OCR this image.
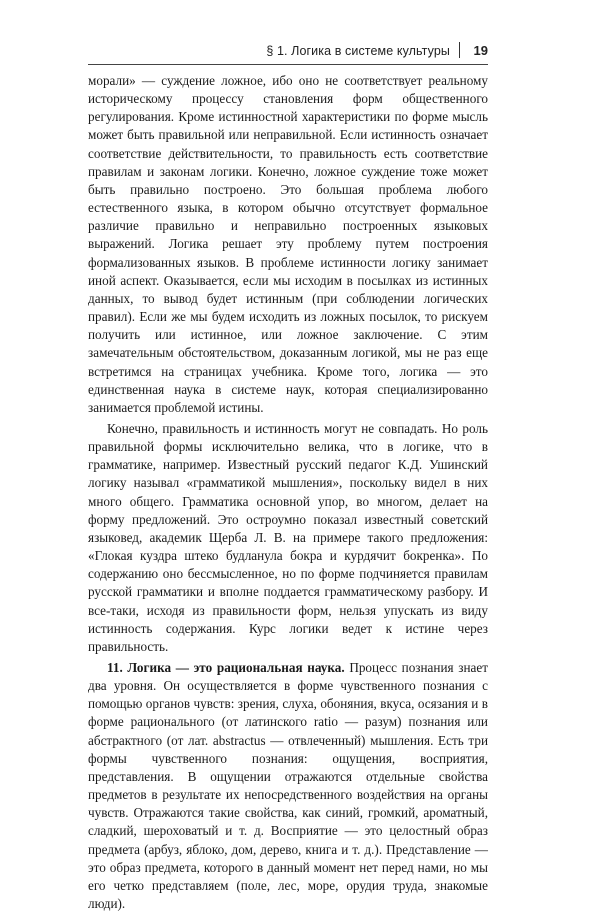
§ 1. Логика в системе культуры 19

морали» — суждение ложное, ибо оно не соответствует реальному историческому процессу становления форм общественного регулирования. Кроме истинностной характеристики по форме мысль может быть правильной или неправильной. Если истинность означает соответствие действительности, то правильность есть соответствие правилам и законам логики. Конечно, ложное суждение тоже может быть правильно построено. Это большая проблема любого естественного языка, в котором обычно отсутствует формальное различие правильно и неправильно построенных языковых выражений. Логика решает эту проблему путем построения формализованных языков. В проблеме истинности логику занимает иной аспект. Оказывается, если мы исходим в посылках из истинных данных, то вывод будет истинным (при соблюдении логических правил). Если же мы будем исходить из ложных посылок, то рискуем получить или истинное, или ложное заключение. С этим замечательным обстоятельством, доказанным логикой, мы не раз еще встретимся на страницах учебника. Кроме того, логика — это единственная наука в системе наук, которая специализированно занимается проблемой истины.

Конечно, правильность и истинность могут не совпадать. Но роль правильной формы исключительно велика, что в логике, что в грамматике, например. Известный русский педагог К.Д. Ушинский логику называл «грамматикой мышления», поскольку видел в них много общего. Грамматика основной упор, во многом, делает на форму предложений. Это остроумно показал известный советский языковед, академик Щерба Л. В. на примере такого предложения: «Глокая куздра штеко будланула бокра и курдячит бокренка». По содержанию оно бессмысленное, но по форме подчиняется правилам русской грамматики и вполне поддается грамматическому разбору. И все-таки, исходя из правильности форм, нельзя упускать из виду истинность содержания. Курс логики ведет к истине через правильность.

11. Логика — это рациональная наука. Процесс познания знает два уровня. Он осуществляется в форме чувственного познания с помощью органов чувств: зрения, слуха, обоняния, вкуса, осязания и в форме рационального (от латинского ratio — разум) познания или абстрактного (от лат. abstractus — отвлеченный) мышления. Есть три формы чувственного познания: ощущения, восприятия, представления. В ощущении отражаются отдельные свойства предметов в результате их непосредственного воздействия на органы чувств. Отражаются такие свойства, как синий, громкий, ароматный, сладкий, шероховатый и т. д. Восприятие — это целостный образ предмета (арбуз, яблоко, дом, дерево, книга и т. д.). Представление — это образ предмета, которого в данный момент нет перед нами, но мы его четко представляем (поле, лес, море, орудия труда, знакомые люди).
